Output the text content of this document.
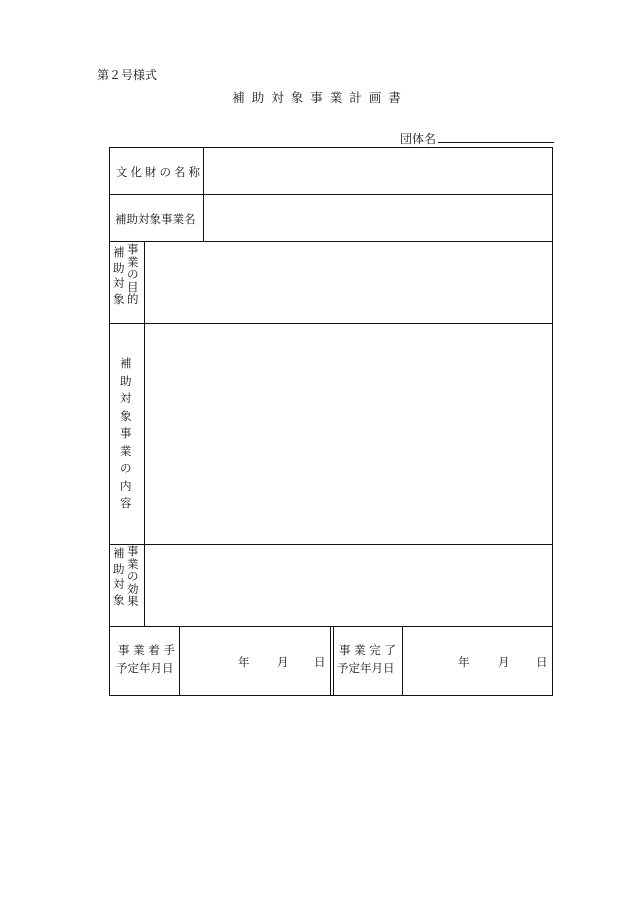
第２号様式
補助対象事業計画書
団体名
文化財の名称
補助対象事業名
補
助
対
象
事
業
の
目
的
補
助
対
象
事
業
の
内
容
補
助
対
象
事
業
の
効
果
事 業 着 手
予定年月日	年 月 日
事 業 完 了
予定年月日	年 月 日
